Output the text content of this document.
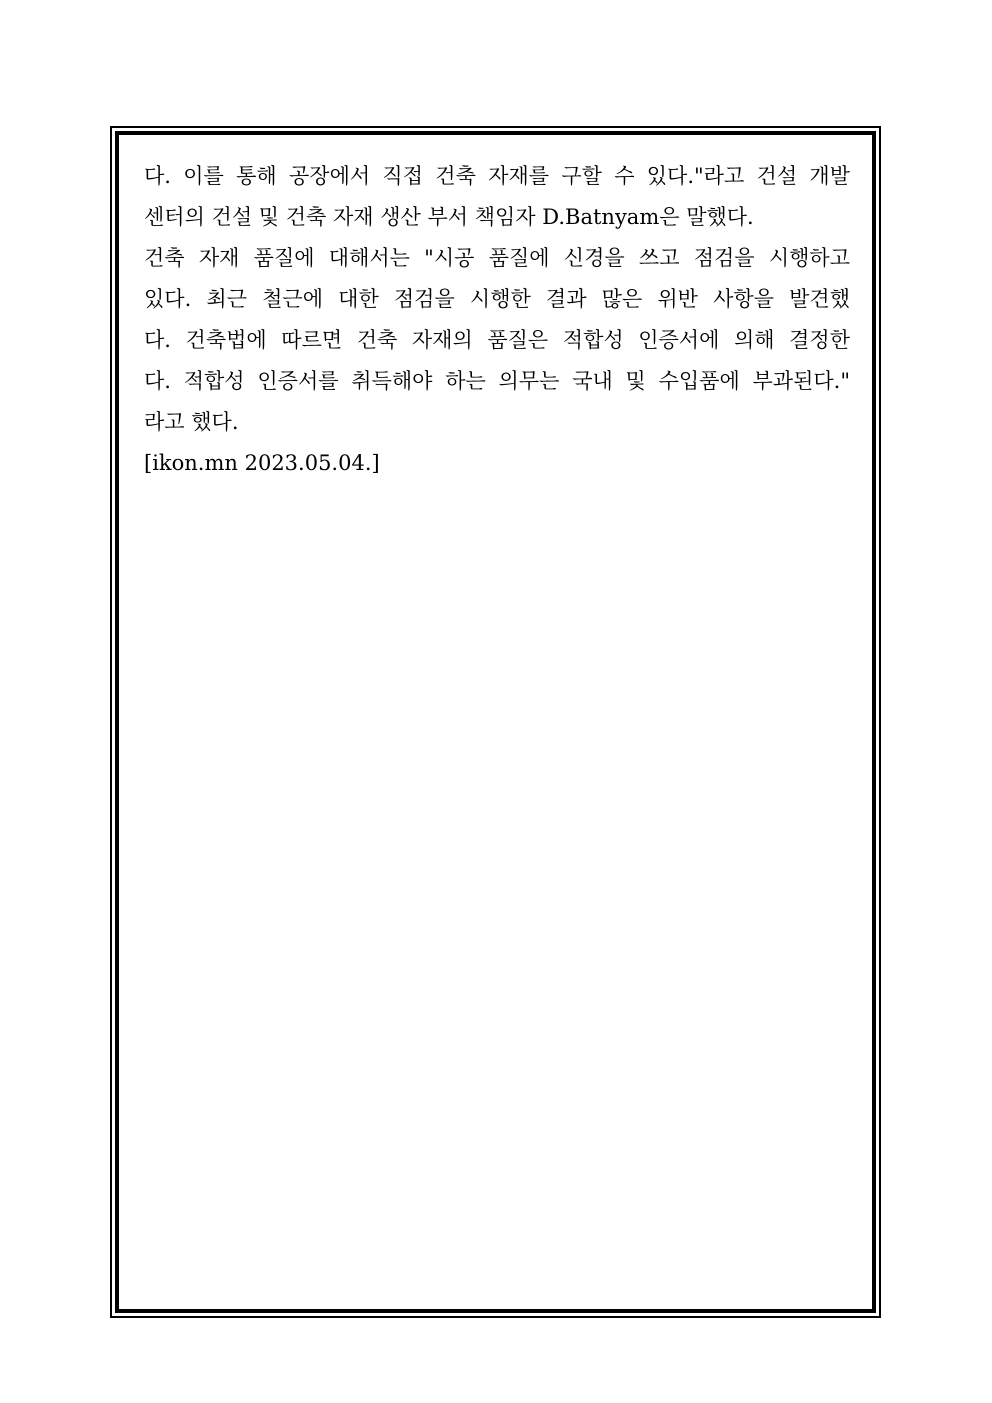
다. 이를 통해 공장에서 직접 건축 자재를 구할 수 있다."라고 건설 개발
센터의 건설 및 건축 자재 생산 부서 책임자 D.Batnyam은 말했다.
건축 자재 품질에 대해서는 "시공 품질에 신경을 쓰고 점검을 시행하고
있다. 최근 철근에 대한 점검을 시행한 결과 많은 위반 사항을 발견했
다. 건축법에 따르면 건축 자재의 품질은 적합성 인증서에 의해 결정한
다. 적합성 인증서를 취득해야 하는 의무는 국내 및 수입품에 부과된다."
라고 했다.
[ikon.mn 2023.05.04.]
